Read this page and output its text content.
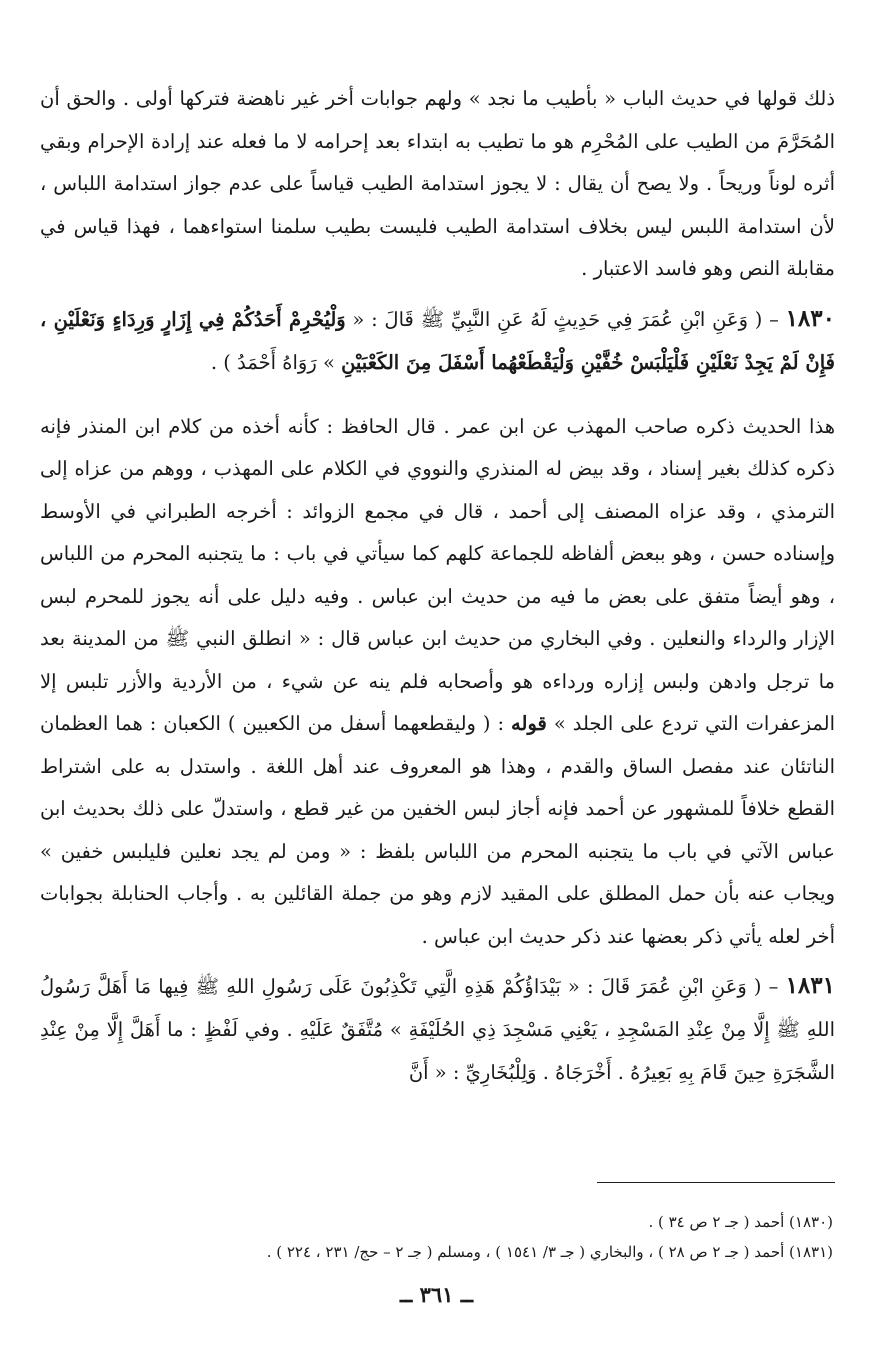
ذلك قولها في حديث الباب « بأطيب ما نجد » ولهم جوابات أخر غير ناهضة فتركها أولى . والحق أن المُحَرَّمَ من الطيب على المُحْرِم هو ما تطيب به ابتداء بعد إحرامه لا ما فعله عند إرادة الإحرام وبقي أثره لوناً وريحاً . ولا يصح أن يقال : لا يجوز استدامة الطيب قياساً على عدم جواز استدامة اللباس ، لأن استدامة اللبس ليس بخلاف استدامة الطيب فليست بطيب سلمنا استواءهما ، فهذا قياس في مقابلة النص وهو فاسد الاعتبار .

١٨٣٠ – ( وَعَنِ ابْنِ عُمَرَ فِي حَدِيثٍ لَهُ عَنِ النَّبِيِّ ﷺ قَالَ : « وَلْيُحْرِمْ أَحَدُكُمْ فِي إِزَارٍ وَرِدَاءٍ وَنَعْلَيْنِ ، فَإِنْ لَمْ يَجِدْ نَعْلَيْنِ فَلْيَلْبَسْ خُفَّيْنِ وَلْيَقْطَعْهُما أَسْفَلَ مِنَ الكَعْبَيْنِ » رَوَاهُ أَحْمَدُ ) .

هذا الحديث ذكره صاحب المهذب عن ابن عمر . قال الحافظ : كأنه أخذه من كلام ابن المنذر فإنه ذكره كذلك بغير إسناد ، وقد بيض له المنذري والنووي في الكلام على المهذب ، ووهم من عزاه إلى الترمذي ، وقد عزاه المصنف إلى أحمد ، قال في مجمع الزوائد : أخرجه الطبراني في الأوسط وإسناده حسن ، وهو ببعض ألفاظه للجماعة كلهم كما سيأتي في باب : ما يتجنبه المحرم من اللباس ، وهو أيضاً متفق على بعض ما فيه من حديث ابن عباس . وفيه دليل على أنه يجوز للمحرم لبس الإزار والرداء والنعلين . وفي البخاري من حديث ابن عباس قال : « انطلق النبي ﷺ من المدينة بعد ما ترجل وادهن ولبس إزاره ورداءه هو وأصحابه فلم ينه عن شيء ، من الأردية والأزر تلبس إلا المزعفرات التي تردع على الجلد » قوله : ( وليقطعهما أسفل من الكعبين ) الكعبان : هما العظمان الناتئان عند مفصل الساق والقدم ، وهذا هو المعروف عند أهل اللغة . واستدل به على اشتراط القطع خلافاً للمشهور عن أحمد فإنه أجاز لبس الخفين من غير قطع ، واستدلّ على ذلك بحديث ابن عباس الآتي في باب ما يتجنبه المحرم من اللباس بلفظ : « ومن لم يجد نعلين فليلبس خفين » ويجاب عنه بأن حمل المطلق على المقيد لازم وهو من جملة القائلين به . وأجاب الحنابلة بجوابات أخر لعله يأتي ذكر بعضها عند ذكر حديث ابن عباس .

١٨٣١ – ( وَعَنِ ابْنِ عُمَرَ قَالَ : « بَيْدَاؤُكُمْ هَذِهِ الَّتِي تَكْذِبُونَ عَلَى رَسُولِ اللهِ ﷺ فِيها مَا أَهَلَّ رَسُولُ اللهِ ﷺ إِلَّا مِنْ عِنْدِ المَسْجِدِ ، يَعْنِي مَسْجِدَ ذِي الحُلَيْفَةِ » مُتَّفَقٌ عَلَيْهِ . وفي لَفْظٍ : ما أَهَلَّ إِلَّا مِنْ عِنْدِ الشَّجَرَةِ حِينَ قَامَ بِهِ بَعِيرُهُ . أَخْرَجَاهُ . وَلِلْبُخَارِيِّ : « أَنَّ

(١٨٣٠) أحمد ( جـ ٢ ص ٣٤ ) .
(١٨٣١) أحمد ( جـ ٢ ص ٢٨ ) ، والبخاري ( جـ ٣/ ١٥٤١ ) ، ومسلم ( جـ ٢ – حج/ ٢٣١ ، ٢٢٤ ) .
ــ ٣٦١ ــ
